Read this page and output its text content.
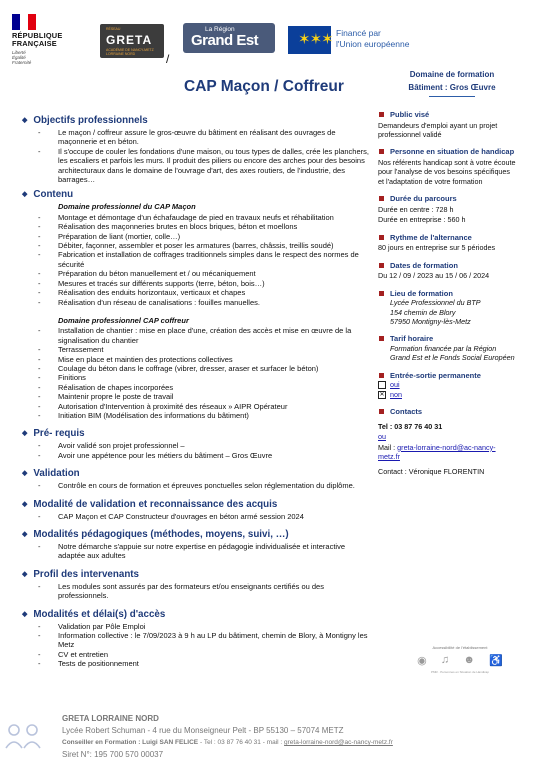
RÉPUBLIQUE
FRANÇAISE
Liberté
Égalité
Fraternité
RÉSEAU
GRETA
ACADÉMIE DE NANCY-METZ
LORRAINE NORD	/
La Région
Grand Est	✶✶✶ Financé par
l'Union européenne
CAP Maçon / Coffreur
Domaine de formation
Bâtiment : Gros Œuvre
◆ Objectifs professionnels
- Le maçon / coffreur assure le gros-œuvre du bâtiment en réalisant des ouvrages de maçonnerie et en béton.
- Il s'occupe de couler les fondations d'une maison, ou tous types de dalles, crée les planchers, les escaliers et parfois les murs. Il produit des piliers ou encore des arches pour des besoins architecturaux dans le domaine de l'ouvrage d'art, des axes routiers, de l'industrie, des barrages…
◆ Contenu
Domaine professionnel du CAP Maçon
- Montage et démontage d'un échafaudage de pied en travaux neufs et réhabilitation
- Réalisation des maçonneries brutes en blocs briques, béton et moellons
- Préparation de liant (mortier, colle…)
- Débiter, façonner, assembler et poser les armatures (barres, châssis, treillis soudé)
- Fabrication et installation de coffrages traditionnels simples dans le respect des normes de sécurité
- Préparation du béton manuellement et / ou mécaniquement
- Mesures et tracés sur différents supports (terre, béton, bois…)
- Réalisation des enduits horizontaux, verticaux et chapes
- Réalisation d'un réseau de canalisations : fouilles manuelles.
Domaine professionnel CAP coffreur
- Installation de chantier : mise en place d'une, création des accès et mise en œuvre de la signalisation du chantier
- Terrassement
- Mise en place et maintien des protections collectives
- Coulage du béton dans le coffrage (vibrer, dresser, araser et surfacer le béton)
- Finitions
- Réalisation de chapes incorporées
- Maintenir propre le poste de travail
- Autorisation d'Intervention à proximité des réseaux » AIPR Opérateur
- Initiation BIM (Modélisation des informations du bâtiment)
◆ Pré- requis
- Avoir validé son projet professionnel –
- Avoir une appétence pour les métiers du bâtiment – Gros Œuvre
◆ Validation
- Contrôle en cours de formation et épreuves ponctuelles selon réglementation du diplôme.
◆ Modalité de validation et reconnaissance des acquis
- CAP Maçon et CAP Constructeur d'ouvrages en béton armé session 2024
◆ Modalités pédagogiques (méthodes, moyens, suivi, …)
- Notre démarche s'appuie sur notre expertise en pédagogie individualisée et interactive adaptée aux adultes
◆ Profil des intervenants
- Les modules sont assurés par des formateurs et/ou enseignants certifiés ou des professionnels.
◆ Modalités et délai(s) d'accès
- Validation par Pôle Emploi
- Information collective : le 7/09/2023 à 9 h au LP du bâtiment, chemin de Blory, à Montigny les Metz
- CV et entretien
- Tests de positionnement
Public visé
Demandeurs d'emploi ayant un projet professionnel validé
Personne en situation de handicap
Nos référents handicap sont à votre écoute pour l'analyse de vos besoins spécifiques et l'adaptation de votre formation
Durée du parcours
Durée en centre : 728 h
Durée en entreprise : 560 h
Rythme de l'alternance
80 jours en entreprise sur 5 périodes
Dates de formation
Du 12 / 09 / 2023 au 15 / 06 / 2024
Lieu de formation
Lycée Professionnel du BTP
154 chemin de Blory
57950 Montigny-lès-Metz
Tarif horaire
Formation financée par la Région Grand Est et le Fonds Social Européen
Entrée-sortie permanente
oui
✕ non
Contacts
Tel : 03 87 76 40 31
ou
Mail : greta-lorraine-nord@ac-nancy-metz.fr
Contact : Véronique FLORENTIN
Accessibilité de l'établissement
◉ ♫ ☻ ♿
PMR · Personnes en Situation de Handicap
GRETA LORRAINE NORD
Lycée Robert Schuman - 4 rue du Monseigneur Pelt - BP 55130 – 57074 METZ
Conseiller en Formation : Luigi SAN FELICE - Tel : 03 87 76 40 31 - mail : greta-lorraine-nord@ac-nancy-metz.fr
Siret N°: 195 700 570 00037
